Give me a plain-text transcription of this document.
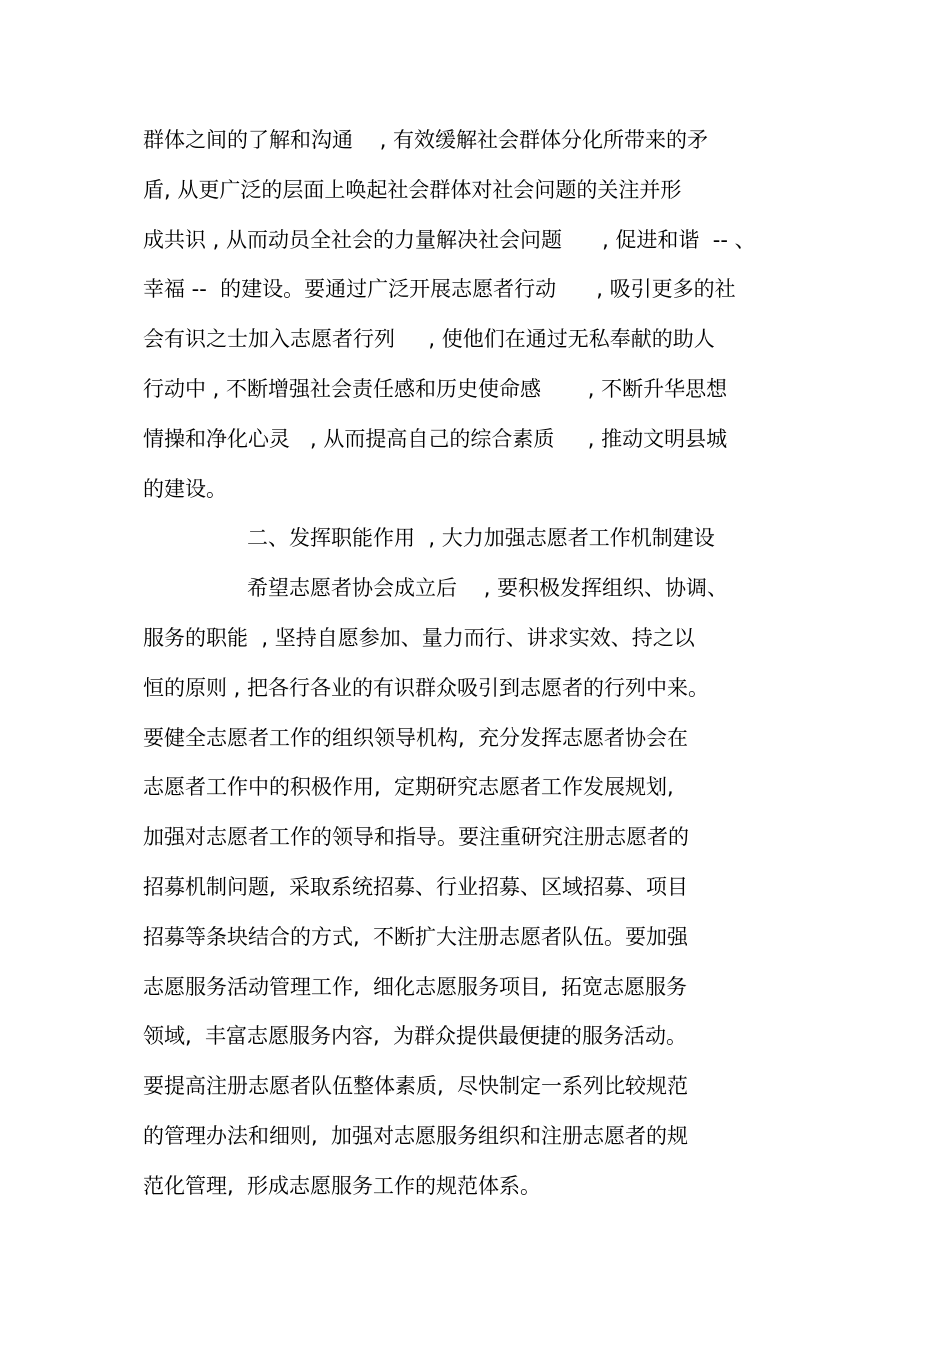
群体之间的了解和沟通    , 有效缓解社会群体分化所带来的矛
盾, 从更广泛的层面上唤起社会群体对社会问题的关注并形
成共识 , 从而动员全社会的力量解决社会问题      , 促进和谐  -- 、
幸福 --  的建设。要通过广泛开展志愿者行动      , 吸引更多的社
会有识之士加入志愿者行列     , 使他们在通过无私奉献的助人
行动中 , 不断增强社会责任感和历史使命感       , 不断升华思想
情操和净化心灵   , 从而提高自己的综合素质     , 推动文明县城
的建设。
二、发挥职能作用  , 大力加强志愿者工作机制建设
希望志愿者协会成立后    , 要积极发挥组织、协调、
服务的职能  , 坚持自愿参加、量力而行、讲求实效、持之以
恒的原则 , 把各行各业的有识群众吸引到志愿者的行列中来。
要健全志愿者工作的组织领导机构,  充分发挥志愿者协会在
志愿者工作中的积极作用,  定期研究志愿者工作发展规划,
加强对志愿者工作的领导和指导。要注重研究注册志愿者的
招募机制问题,  采取系统招募、行业招募、区域招募、项目
招募等条块结合的方式,  不断扩大注册志愿者队伍。要加强
志愿服务活动管理工作,  细化志愿服务项目,  拓宽志愿服务
领域,  丰富志愿服务内容,  为群众提供最便捷的服务活动。
要提高注册志愿者队伍整体素质,  尽快制定一系列比较规范
的管理办法和细则,  加强对志愿服务组织和注册志愿者的规
范化管理,  形成志愿服务工作的规范体系。
